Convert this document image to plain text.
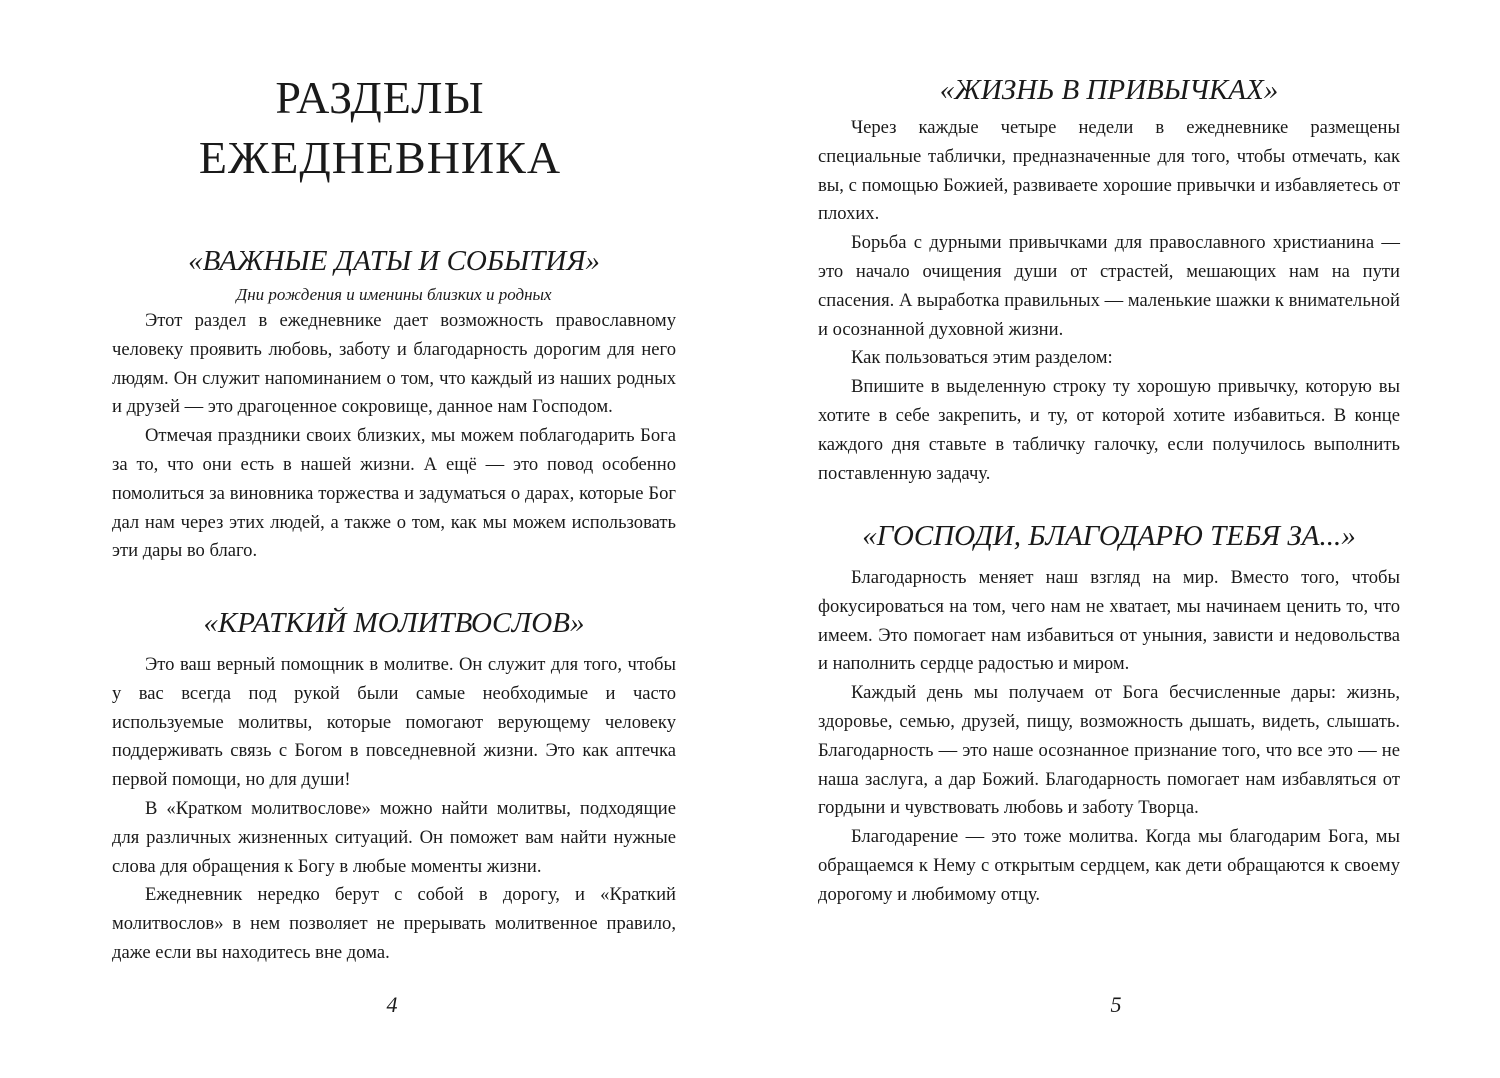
РАЗДЕЛЫ
ЕЖЕДНЕВНИКА
«ВАЖНЫЕ ДАТЫ И СОБЫТИЯ»
Дни рождения и именины близких и родных

Этот раздел в ежедневнике дает возможность православному человеку проявить любовь, заботу и благодарность дорогим для него людям. Он служит напоминанием о том, что каждый из наших родных и друзей — это драгоценное сокровище, данное нам Господом.

Отмечая праздники своих близких, мы можем поблагодарить Бога за то, что они есть в нашей жизни. А ещё — это повод особенно помолиться за виновника торжества и задуматься о дарах, которые Бог дал нам через этих людей, а также о том, как мы можем использовать эти дары во благо.

«КРАТКИЙ МОЛИТВОСЛОВ»

Это ваш верный помощник в молитве. Он служит для того, чтобы у вас всегда под рукой были самые необходимые и часто используемые молитвы, которые помогают верующему человеку поддерживать связь с Богом в повседневной жизни. Это как аптечка первой помощи, но для души!

В «Кратком молитвослове» можно найти молитвы, подходящие для различных жизненных ситуаций. Он поможет вам найти нужные слова для обращения к Богу в любые моменты жизни.

Ежедневник нередко берут с собой в дорогу, и «Краткий молитвослов» в нем позволяет не прерывать молитвенное правило, даже если вы находитесь вне дома.

4
«ЖИЗНЬ В ПРИВЫЧКАХ»

Через каждые четыре недели в ежедневнике размещены специальные таблички, предназначенные для того, чтобы отмечать, как вы, с помощью Божией, развиваете хорошие привычки и избавляетесь от плохих.

Борьба с дурными привычками для православного христианина — это начало очищения души от страстей, мешающих нам на пути спасения. А выработка правильных — маленькие шажки к внимательной и осознанной духовной жизни.

Как пользоваться этим разделом:

Впишите в выделенную строку ту хорошую привычку, которую вы хотите в себе закрепить, и ту, от которой хотите избавиться. В конце каждого дня ставьте в табличку галочку, если получилось выполнить поставленную задачу.

«ГОСПОДИ, БЛАГОДАРЮ ТЕБЯ ЗА...»

Благодарность меняет наш взгляд на мир. Вместо того, чтобы фокусироваться на том, чего нам не хватает, мы начинаем ценить то, что имеем. Это помогает нам избавиться от уныния, зависти и недовольства и наполнить сердце радостью и миром.

Каждый день мы получаем от Бога бесчисленные дары: жизнь, здоровье, семью, друзей, пищу, возможность дышать, видеть, слышать. Благодарность — это наше осознанное признание того, что все это — не наша заслуга, а дар Божий. Благодарность помогает нам избавляться от гордыни и чувствовать любовь и заботу Творца.

Благодарение — это тоже молитва. Когда мы благодарим Бога, мы обращаемся к Нему с открытым сердцем, как дети обращаются к своему дорогому и любимому отцу.

5
